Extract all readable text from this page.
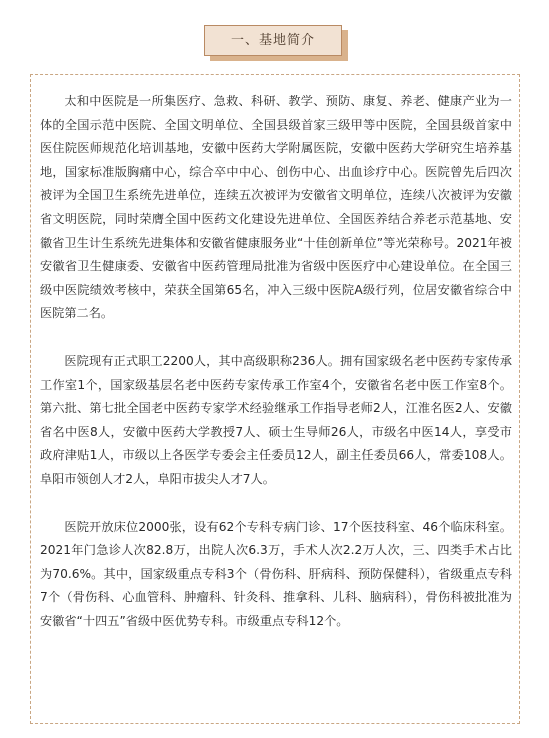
一、基地简介

太和中医院是一所集医疗、急救、科研、教学、预防、康复、养老、健康产业为一体的全国示范中医院、全国文明单位、全国县级首家三级甲等中医院，全国县级首家中医住院医师规范化培训基地，安徽中医药大学附属医院，安徽中医药大学研究生培养基地，国家标准版胸痛中心，综合卒中中心、创伤中心、出血诊疗中心。医院曾先后四次被评为全国卫生系统先进单位，连续五次被评为安徽省文明单位，连续八次被评为安徽省文明医院，同时荣膺全国中医药文化建设先进单位、全国医养结合养老示范基地、安徽省卫生计生系统先进集体和安徽省健康服务业“十佳创新单位”等光荣称号。2021年被安徽省卫生健康委、安徽省中医药管理局批准为省级中医医疗中心建设单位。在全国三级中医院绩效考核中，荣获全国第65名，冲入三级中医院A级行列，位居安徽省综合中医院第二名。

医院现有正式职工2200人，其中高级职称236人。拥有国家级名老中医药专家传承工作室1个，国家级基层名老中医药专家传承工作室4个，安徽省名老中医工作室8个。第六批、第七批全国老中医药专家学术经验继承工作指导老师2人，江淮名医2人、安徽省名中医8人，安徽中医药大学教授7人、硕士生导师26人，市级名中医14人，享受市政府津贴1人，市级以上各医学专委会主任委员12人，副主任委员66人，常委108人。阜阳市领创人才2人，阜阳市拔尖人才7人。

医院开放床位2000张，设有62个专科专病门诊、17个医技科室、46个临床科室。2021年门急诊人次82.8万，出院人次6.3万，手术人次2.2万人次，三、四类手术占比为70.6%。其中，国家级重点专科3个（骨伤科、肝病科、预防保健科），省级重点专科7个（骨伤科、心血管科、肿瘤科、针灸科、推拿科、儿科、脑病科），骨伤科被批准为安徽省“十四五”省级中医优势专科。市级重点专科12个。
